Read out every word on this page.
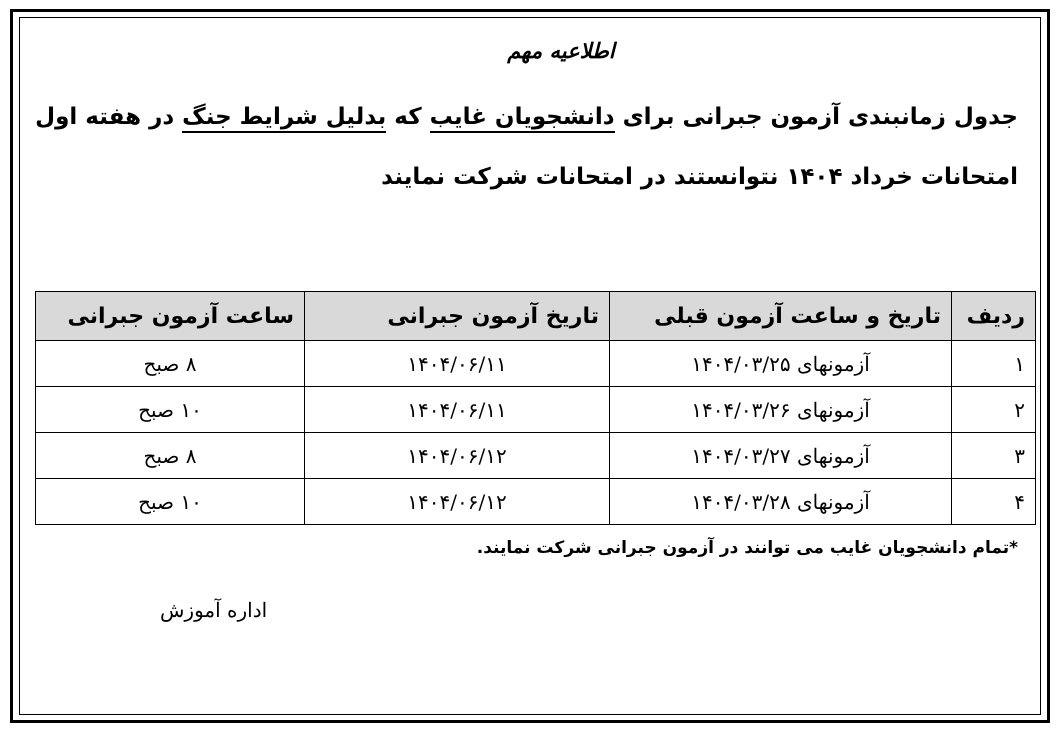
اطلاعیه مهم
جدول زمانبندی آزمون جبرانی برای دانشجویان غایب که بدلیل شرایط جنگ در هفته اول
امتحانات خرداد ۱۴۰۴ نتوانستند در امتحانات شرکت نمایند
ردیف	تاریخ و ساعت آزمون قبلی	تاریخ آزمون جبرانی	ساعت آزمون جبرانی
۱	آزمونهای ۱۴۰۴/۰۳/۲۵	۱۴۰۴/۰۶/۱۱	۸ صبح
۲	آزمونهای ۱۴۰۴/۰۳/۲۶	۱۴۰۴/۰۶/۱۱	۱۰ صبح
۳	آزمونهای ۱۴۰۴/۰۳/۲۷	۱۴۰۴/۰۶/۱۲	۸ صبح
۴	آزمونهای ۱۴۰۴/۰۳/۲۸	۱۴۰۴/۰۶/۱۲	۱۰ صبح
*تمام دانشجویان غایب می توانند در آزمون جبرانی شرکت نمایند.
اداره آموزش
